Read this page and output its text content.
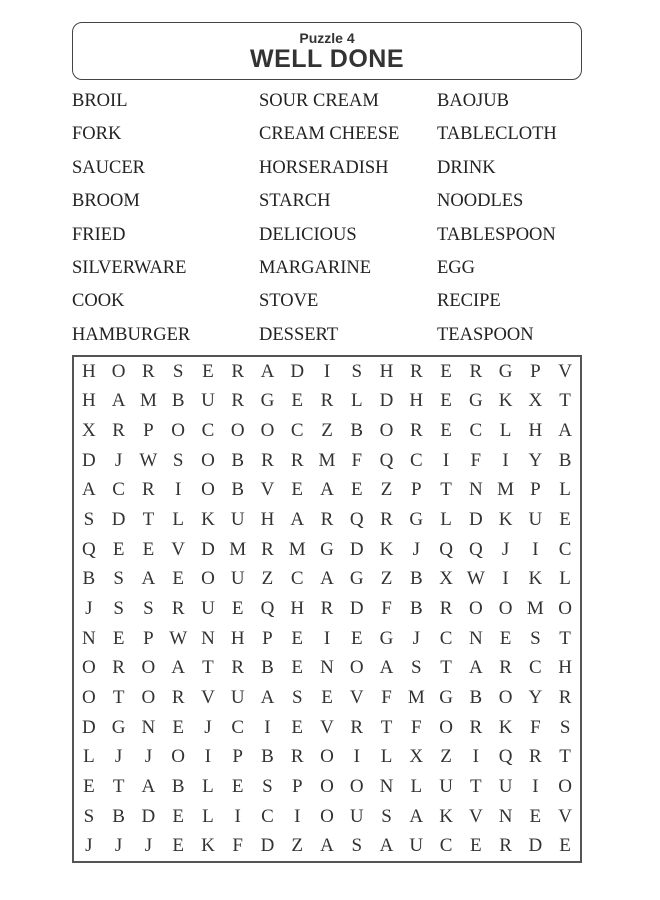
Puzzle 4
WELL DONE
BROIL
FORK
SAUCER
BROOM
FRIED
SILVERWARE
COOK
HAMBURGER
SOUR CREAM
CREAM CHEESE
HORSERADISH
STARCH
DELICIOUS
MARGARINE
STOVE
DESSERT
BAOJUB
TABLECLOTH
DRINK
NOODLES
TABLESPOON
EGG
RECIPE
TEASPOON
H O R S E R A D	I	S H R E R G P V
H A M B U R G E R L D H E G K X T
X R P O C O O C Z B O R E C L H A
D	J W S O B R R M F Q C	I	F	I	Y B
A C R	I	O B V E A E Z P T N M P L
S D T L K U H A R Q R G L D K U E
Q E E V D M R M G D K	J	Q Q	J	I	C
B S A E O U Z C A G Z B X W I	K L
J	S	S R U E Q H R D F B R O O M O
N E P W N H P E	I	E G	J	C N E S T
O R O A T R B E N O A S T A R C H
O T O R V U A S E V F M G B O Y R
D G N E	J	C	I	E V R T F O R K F	S
L	J	J	O	I	P B R O	I	L X Z	I	Q R T
E T A B L E S	P O O N L U T U	I	O
S B D E L	I	C	I	O U S A K V N E V
J	J	J	E K F D Z A S A U C E R D E
